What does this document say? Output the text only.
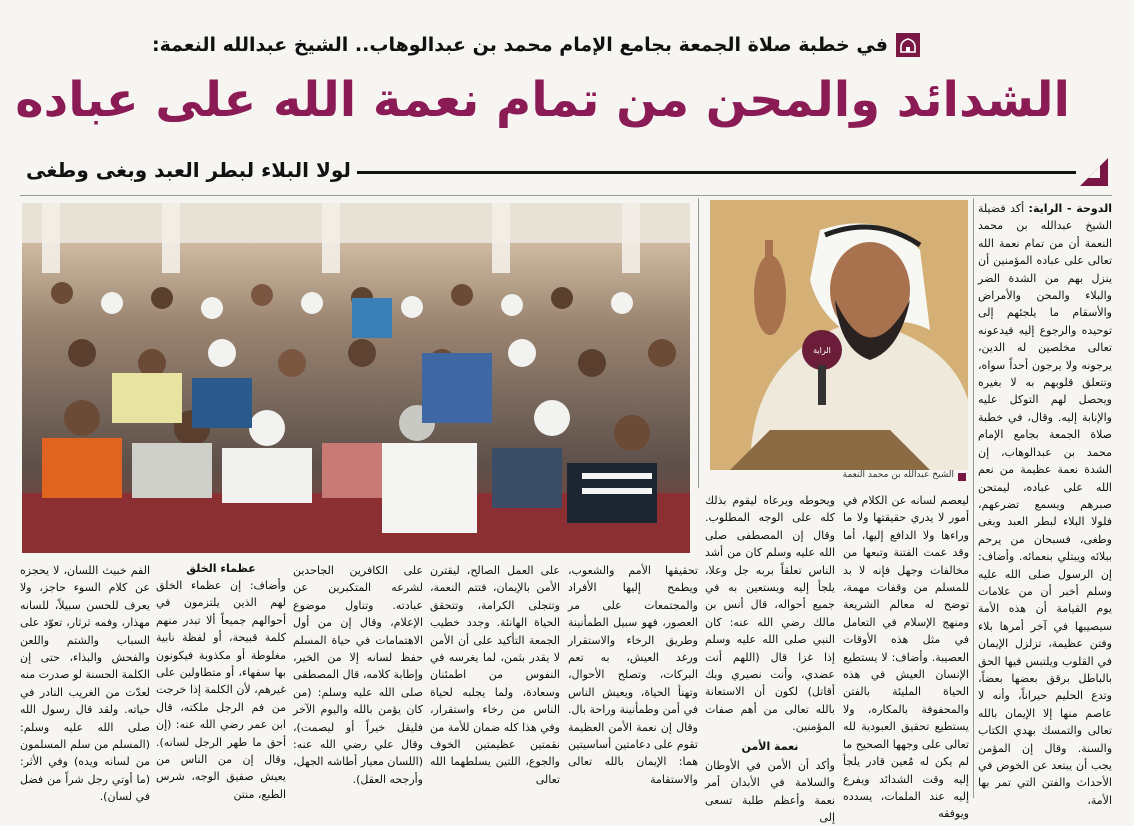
في خطبة صلاة الجمعة بجامع الإمام محمد بن عبدالوهاب.. الشيخ عبدالله النعمة:
الشدائد والمحن من تمام نعمة الله على عباده
لولا البلاء لبطر العبد وبغى وطغى
الراية
الشيخ عبدالله بن محمد النعمة
الدوحة - الراية: أكد فضيلة الشيخ عبدالله بن محمد النعمة أن من تمام نعمة الله تعالى على عباده المؤمنين أن ينزل بهم من الشدة الضر والبلاء والمحن والأمراض والأسقام ما يلجئهم إلى توحيده والرجوع إليه فيدعونه تعالى مخلصين له الدين، يرجونه ولا يرجون أحداً سواه، وتتعلق قلوبهم به لا بغيره ويحصل لهم التوكل عليه والإنابة إليه. وقال، في خطبة صلاة الجمعة بجامع الإمام محمد بن عبدالوهاب، إن الشدة نعمة عظيمة من نعم الله على عباده، ليمتحن صبرهم ويسمع تضرعهم، فلولا البلاء لبطر العبد وبغى وطغى، فسبحان من يرحم ببلائه ويبتلي بنعمائه. وأضاف: إن الرسول صلى الله عليه وسلم أخبر أن من علامات يوم القيامة أن هذه الأمة سيصيبها في آخر أمرها بلاء وفتن عظيمة، تزلزل الإيمان في القلوب ويلتبس فيها الحق بالباطل برقق بعضها بعضاً، وتدع الحليم حيراناً، وأنه لا عاصم منها إلا الإيمان بالله تعالى والتمسك بهدي الكتاب والسنة. وقال إن المؤمن يجب أن يبتعد عن الخوض في الأحداث والفتن التي تمر بها الأمة،
ليعصم لسانه عن الكلام في أمور لا يدري حقيقتها ولا ما وراءها ولا الدافع إليها، أما وقد عمت الفتنة وتبعها من مخالفات وجهل فإنه لا بد للمسلم من وقفات مهمة، توضح له معالم الشريعة ومنهج الإسلام في التعامل في مثل هذه الأوقات العصيبة. وأضاف: لا يستطيع الإنسان العيش في هذه الحياة المليئة بالفتن والمحفوفة بالمكاره، ولا يستطيع تحقيق العبودية لله تعالى على وجهها الصحيح ما لم يكن له مُعين قادر يلجأ إليه وقت الشدائد ويفرع إليه عند الملمات، يسدده ويوفقه
ويحوطه ويرعاه ليقوم بذلك كله على الوجه المطلوب. وقال إن المصطفى صلى الله عليه وسلم كان من أشد الناس تعلقاً بربه جل وعلا، يلجأ إليه ويستعين به في جميع أحواله، قال أنس بن مالك رضي الله عنه: كان النبي صلى الله عليه وسلم إذا غزا قال (اللهم أنت عضدي، وأنت نصيري وبك أقاتل) لكون أن الاستعانة بالله تعالى من أهم صفات المؤمنين.
نعمة الأمن
وأكد أن الأمن في الأوطان والسلامة في الأبدان أمر نعمة وأعظم طلبة تسعى إلى
تحقيقها الأمم والشعوب، ويطمح إليها الأفراد والمجتمعات على مر العصور، فهو سبيل الطمأنينة وطريق الرخاء والاستقرار ورغد العيش، به تعم البركات، وتصلح الأحوال، وتهنأ الحياة، ويعيش الناس في أمن وطمأنينة وراحة بال. وقال إن نعمة الأمن العظيمة تقوم على دعامتين أساسيتين هما: الإيمان بالله تعالى والاستقامة
على العمل الصالح، ليقترن الأمن بالإيمان، فتتم النعمة، وتتجلى الكرامة، وتتحقق الحياة الهانئة. وجدد خطيب الجمعة التأكيد على أن الأمن لا يقدر بثمن، لما يغرسه في النفوس من اطمئنان وسعادة، ولما يجلبه لحياة الناس من رخاء واستقرار، وفي هذا كله ضمان للأمة من نقمتين عظيمتين الخوف والجوع، اللتين يسلطهما الله تعالى
على الكافرين الجاحدين لشرعه المتكبرين عن عبادته. وتناول موضوع الإعلام، وقال إن من أول الاهتمامات في حياة المسلم حفظ لسانه إلا من الخير، وإطابة كلامه، قال المصطفى صلى الله عليه وسلم: (من كان يؤمن بالله واليوم الآخر فليقل خيراً أو ليصمت)، وقال علي رضي الله عنه: (اللسان معيار أطاشه الجهل، وأرجحه العقل).
عظماء الخلق
وأضاف: إن عظماء الخلق لهم الذين يلتزمون في أحوالهم جميعاً ألا تبدر منهم كلمة قبيحة، أو لفظة نابية مغلوطة أو مكذوبة فيكونون بها سفهاء، أو متطاولين على غيرهم، لأن الكلمة إذا خرجت من فم الرجل ملكته، قال ابن عمر رضي الله عنه: (إن أحق ما طهر الرجل لسانه). وقال إن من الناس من يعيش صفيق الوجه، شرس الطبع، منتن
الفم خبيث اللسان، لا يحجزه عن كلام السوء حاجز، ولا يعرف للحسن سبيلاً، للسانه مهذار، وفمه ثرثار، تعوّد على السباب والشتم واللعن والفحش والبذاء، حتى إن الكلمة الحسنة لو صدرت منه لعدّت من الغريب النادر في حياته. ولقد قال رسول الله صلى الله عليه وسلم: (المسلم من سلم المسلمون من لسانه ويده) وفي الأثر: (ما أوتي رجل شراً من فضل في لسان).
